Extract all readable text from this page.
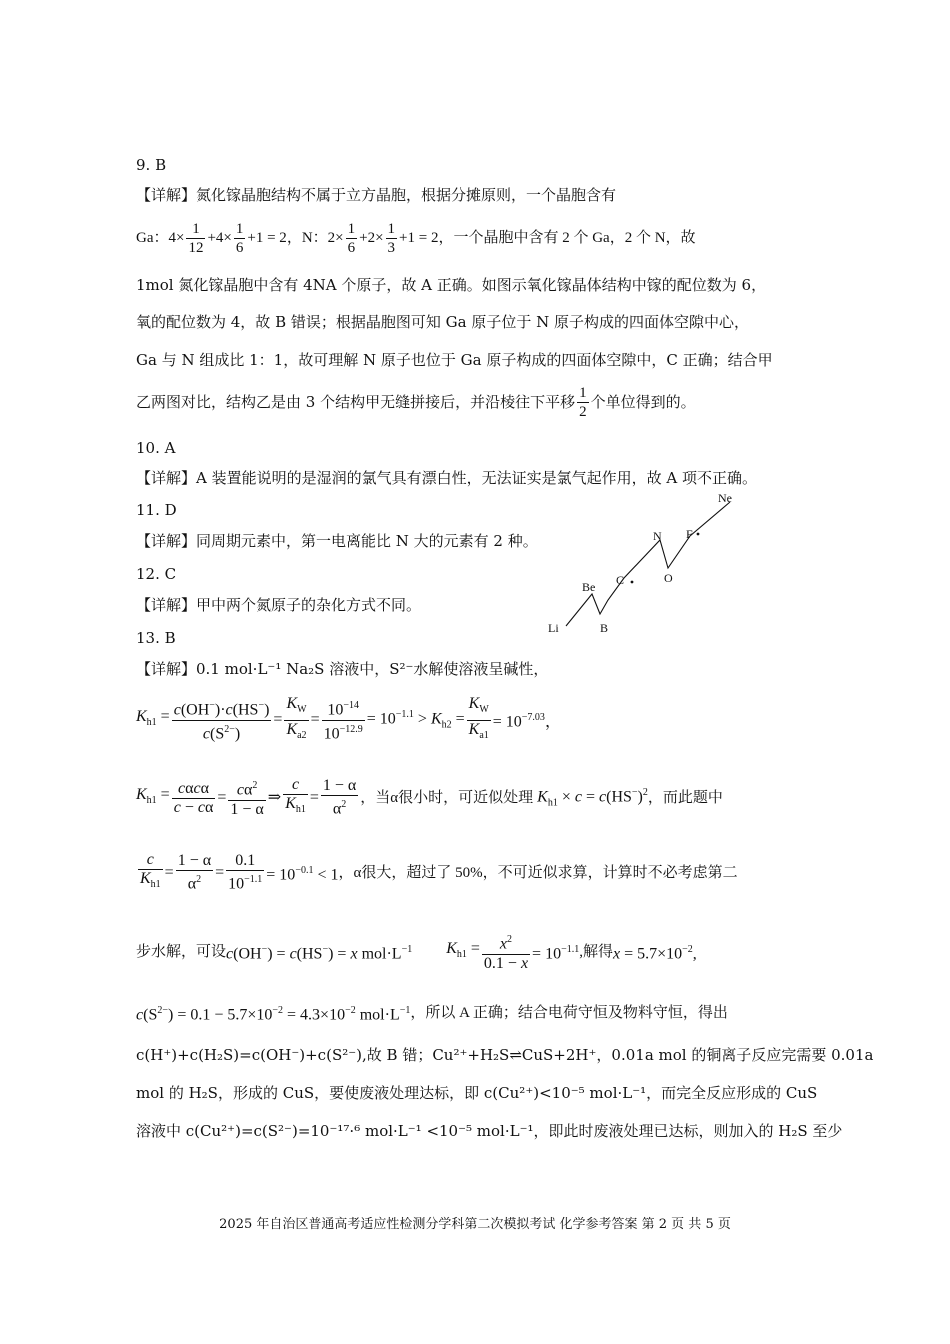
9. B
【详解】氮化镓晶胞结构不属于立方晶胞，根据分摊原则，一个晶胞含有
Ga： $4\times \frac{1}{12} +4\times \frac{1}{6} +1 = 2$ ，N： $2\times \frac{1}{6} +2\times \frac{1}{3} +1 = 2$ ，一个晶胞中含有 2 个 Ga，2 个 N，故
1mol 氮化镓晶胞中含有 4NA 个原子，故 A 正确。如图示氧化镓晶体结构中镓的配位数为 6，
氧的配位数为 4，故 B 错误；根据晶胞图可知 Ga 原子位于 N 原子构成的四面体空隙中心，
Ga 与 N 组成比 1：1，故可理解 N 原子也位于 Ga 原子构成的四面体空隙中，C 正确；结合甲
乙两图对比，结构乙是由 3 个结构甲无缝拼接后，并沿棱往下平移 $\frac{1}{2}$ 个单位得到的。
10. A
【详解】A 装置能说明的是湿润的氯气具有漂白性，无法证实是氯气起作用，故 A 项不正确。
11. D
【详解】同周期元素中，第一电离能比 N 大的元素有 2 种。
12. C
【详解】甲中两个氮原子的杂化方式不同。
Li
Be
B
C
N
O
F
Ne
13. B
【详解】0.1 mol·L⁻¹ Na₂S 溶液中，S²⁻水解使溶液呈碱性，
$K_{h1} = \frac{c(OH^-)\cdot c(HS^-)}{c(S^{2-})} = \frac{K_W}{K_{a2}} = \frac{10^{-14}}{10^{-12.9}} = 10^{-1.1} > K_{h2} = \frac{K_W}{K_{a1}} = 10^{-7.03}$，
$K_{h1} = \frac{\text{cαcα}}{c - c\alpha} = \frac{c\alpha^2}{1 - \alpha}$ ⇒ $\frac{c}{K_{h1}} = \frac{1 - \alpha}{\alpha^2}$ ，当α很小时，可近似处理 $K_{h1} \times c = c(HS^-)^2$ ，而此题中
$\frac{c}{K_{h1}} = \frac{1 - \alpha}{\alpha^2} = \frac{0.1}{10^{-1.1}} = 10^{-0.1} < 1$ ，α很大，超过了 50%，不可近似求算，计算时不必考虑第二
步水解，可设 c(OH−) = c(HS−) = x $mol\cdot L^{-1}$ $K_{h1} = \frac{x^2}{0.1 - x} = 10^{-1.1}$ ,解得 $x = 5.7\times 10^{-2}$,
$c(S^{2-}) = 0.1 - 5.7\times 10^{-2} = 4.3\times 10^{-2}$ $mol\cdot L^{-1}$ ，所以 A 正确；结合电荷守恒及物料守恒，得出
c(H⁺)+c(H₂S)=c(OH⁻)+c(S²⁻),故 B 错；Cu²⁺+H₂S⇌CuS+2H⁺，0.01a mol 的铜离子反应完需要 0.01a
mol 的 H₂S，形成的 CuS，要使废液处理达标，即 c(Cu²⁺)<10⁻⁵ mol·L⁻¹，而完全反应形成的 CuS
溶液中 c(Cu²⁺)=c(S²⁻)=10⁻¹⁷·⁶ mol·L⁻¹ <10⁻⁵ mol·L⁻¹，即此时废液处理已达标，则加入的 H₂S 至少
2025 年自治区普通高考适应性检测分学科第二次模拟考试 化学参考答案 第 2 页 共 5 页
